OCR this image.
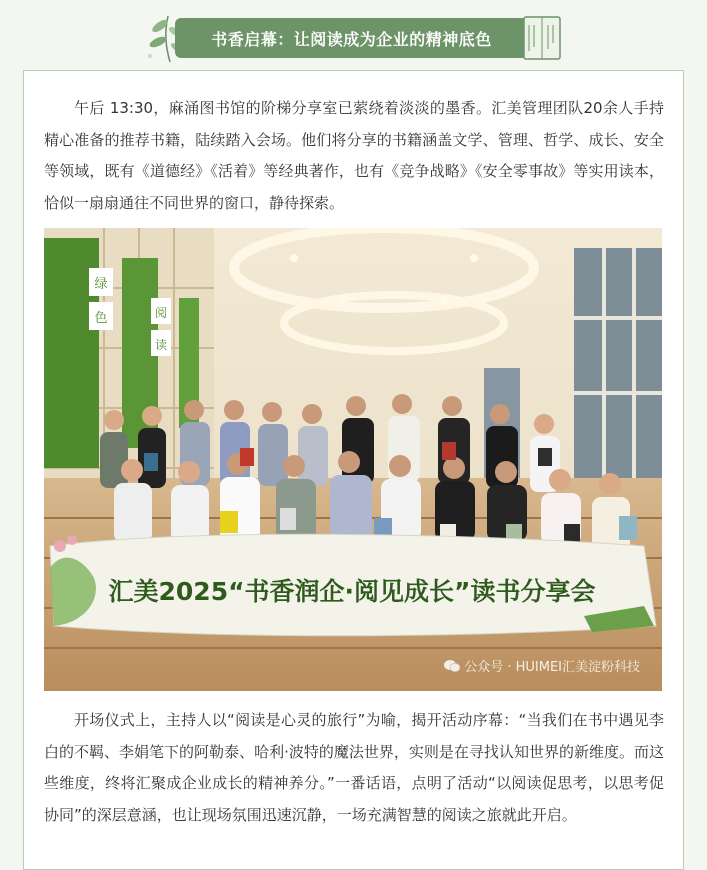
书香启幕：让阅读成为企业的精神底色

午后 13:30，麻涌图书馆的阶梯分享室已萦绕着淡淡的墨香。汇美管理团队20余人手持精心准备的推荐书籍，陆续踏入会场。他们将分享的书籍涵盖文学、管理、哲学、成长、安全等领域，既有《道德经》《活着》等经典著作，也有《竞争战略》《安全零事故》等实用读本，恰似一扇扇通往不同世界的窗口，静待探索。

绿
色	阅
读
汇美2025“书香润企·阅见成长”读书分享会
公众号 · HUIMEI汇美淀粉科技

开场仪式上，主持人以“阅读是心灵的旅行”为喻，揭开活动序幕：“当我们在书中遇见李白的不羁、李娟笔下的阿勒泰、哈利·波特的魔法世界，实则是在寻找认知世界的新维度。而这些维度，终将汇聚成企业成长的精神养分。”一番话语，点明了活动“以阅读促思考，以思考促协同”的深层意涵，也让现场氛围迅速沉静，一场充满智慧的阅读之旅就此开启。
